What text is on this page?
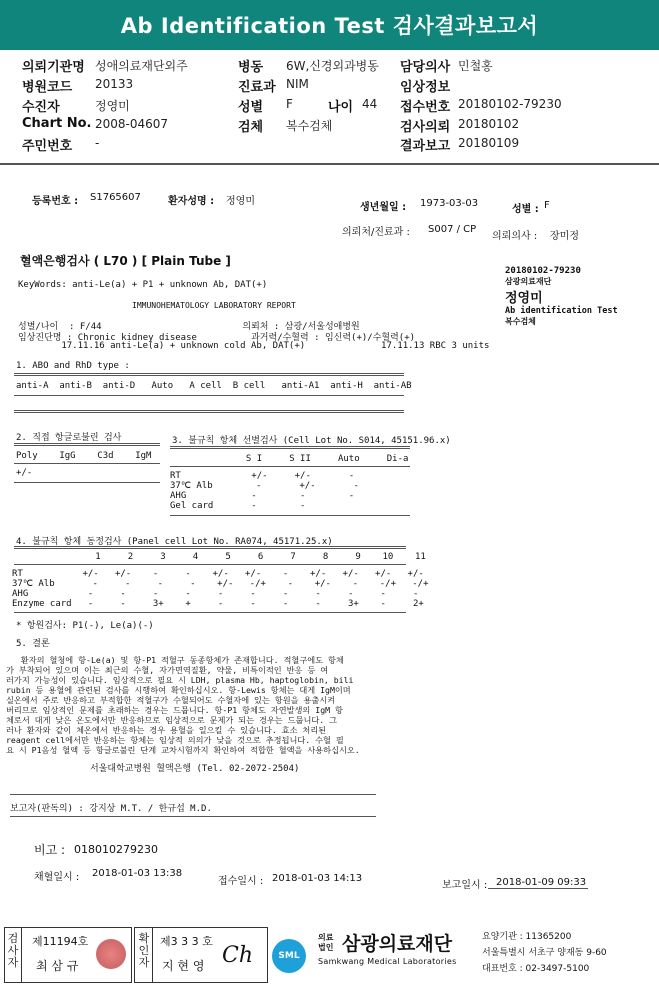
Ab Identification Test 검사결과보고서
의뢰기관명 성애의료재단외주	병동 6W,신경외과병동 담당의사 민철홍
병원코드 20133	진료과 NIM	임상정보
수진자	정영미	성별 F	나이 44 접수번호 20180102-79230
Chart No. 2008-04607	검체 복수검체	검사의뢰 20180102
주민번호 -	결과보고 20180109
등록번호 : S1765607	환자성명 : 정영미
생년월일 : 1973-03-03
성별 : F
의뢰처/진료과 : S007 / CP
의뢰의사 : 장미정
혈액은행검사 ( L70 ) [ Plain Tube ]
KeyWords: anti-Le(a) + P1 + unknown Ab, DAT(+)
IMMUNOHEMATOLOGY LABORATORY REPORT
성별/나이  : F/44                          의뢰처 : 삼광/서울성애병원
임상진단명 : Chronic kidney disease          과거력/수혈력 : 임신력(+)/수혈력(+)
17.11.16 anti-Le(a) + unknown cold Ab, DAT(+)              17.11.13 RBC 3 units
1. ABO and RhD type :
anti-A  anti-B  anti-D   Auto   A cell  B cell   anti-A1  anti-H  anti-AB
2. 직접 항글로불린 검사
Poly    IgG    C3d    IgM
+/-
3. 불규칙 항체 선별검사 (Cell Lot No. S014, 45151.96.x)
S I     S II     Auto     Di-a
RT             +/-     +/-       -
37℃ Alb        -       +/-       -
AHG            -        -        -
Gel card       -        -
4. 불규칙 항체 동정검사 (Panel cell Lot No. RA074, 45171.25.x)
1     2     3     4     5     6     7     8     9    10    11
RT           +/-   +/-    -     -    +/-   +/-    -    +/-   +/-   +/-   +/-
37℃ Alb       -     -     -     -    +/-   -/+    -    +/-    -    -/+   -/+
AHG           -     -     -     -     -     -     -     -     -     -     -
Enzyme card   -     -     3+    +     -     -     -     -     3+    -     2+
* 항원검사: P1(-), Le(a)(-)
5. 결론
환자의 혈청에 항-Le(a) 및 항-P1 적혈구 동종항체가 존재합니다. 적혈구에도 항체
가 부착되어 있으며 이는 최근의 수혈, 자가면역질환, 약물, 비특이적인 반응 등 여
러가지 가능성이 있습니다. 임상적으로 필요 시 LDH, plasma Hb, haptoglobin, bili
rubin 등 용혈에 관련된 검사를 시행하여 확인하십시오. 항-Lewis 항체는 대게 IgM이며
실온에서 주로 반응하고 부적합한 적혈구가 수혈되어도 수혈자에 있는 항원을 용출시켜
버리므로 임상적인 문제를 초래하는 경우는 드뭅니다. 항-P1 항체도 자연발생의 IgM 항
체로서 대게 낮은 온도에서만 반응하므로 임상적으로 문제가 되는 경우는 드뭅니다. 그
러나 환자와 같이 체온에서 반응하는 경우 용혈을 일으킬 수 있습니다. 효소 처리된
reagent cell에서만 반응하는 항체는 임상적 의의가 낮을 것으로 추정됩니다. 수혈 필
요 시 P1음성 혈액 등 항글로불린 단계 교차시험까지 확인하여 적합한 혈액을 사용하십시오.
서울대학교병원 혈액은행 (Tel. 02-2072-2504)
보고자(판독의) : 강지상 M.T. / 한규섭 M.D.
비고 : 018010279230
채혈일시 : 2018-01-03 13:38
접수일시 : 2018-01-03 14:13
보고일시 : 2018-01-09 09:33
20180102-79230
삼광의료재단
정영미
Ab identification Test
복수검체
검사자
제11194호
최 삼 규
확인자
제3 3 3 호
지 현 영 Ch	SML
의료법인 삼광의료재단
Samkwang Medical Laboratories
요양기관 : 11365200
서울특별시 서초구 양재동 9-60
대표번호 : 02-3497-5100
